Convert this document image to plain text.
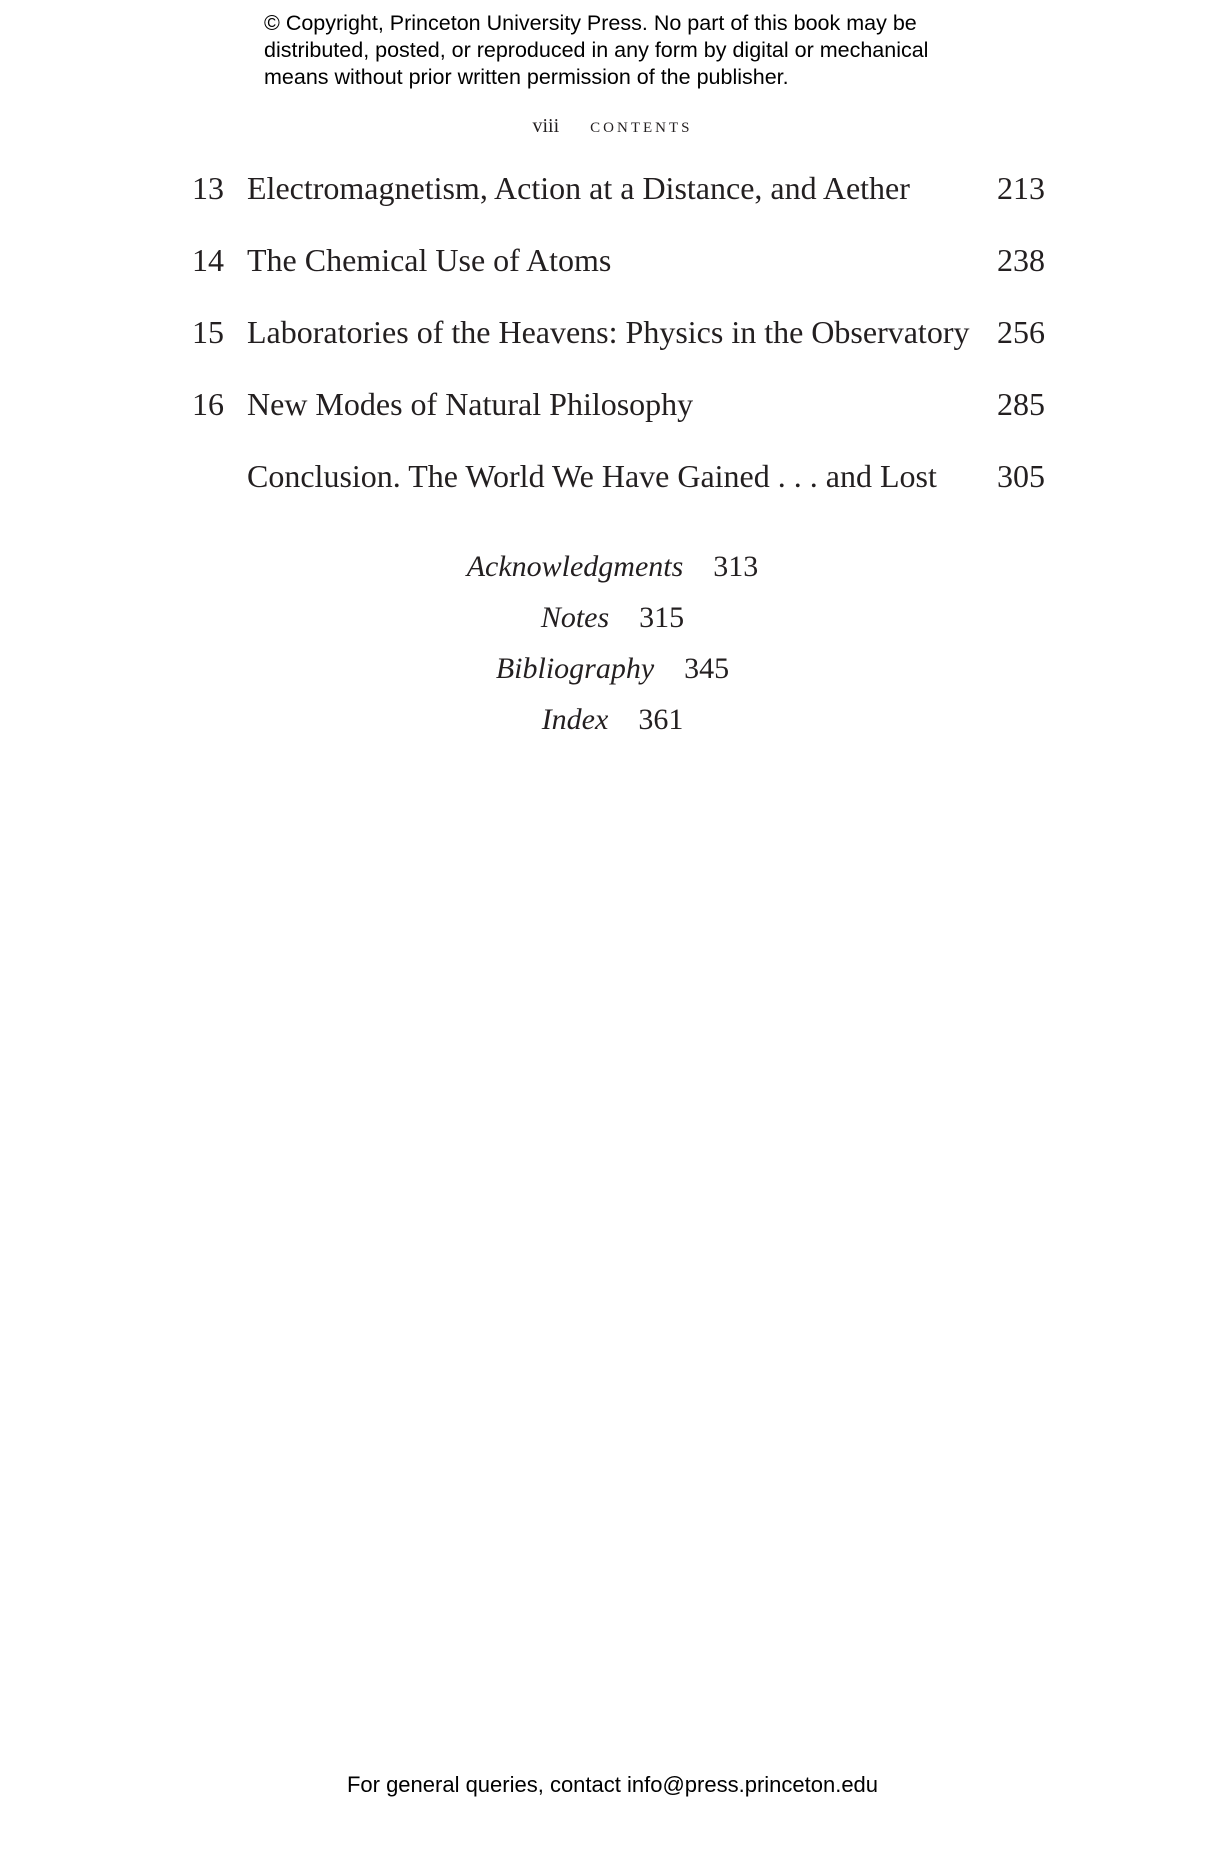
© Copyright, Princeton University Press. No part of this book may be
distributed, posted, or reproduced in any form by digital or mechanical
means without prior written permission of the publisher.
viii contents
13 Electromagnetism, Action at a Distance, and Aether	213
14 The Chemical Use of Atoms	238
15 Laboratories of the Heavens: Physics in the Observatory 256
16 New Modes of Natural Philosophy	285
Conclusion. The World We Have Gained . . . and Lost 305
Acknowledgments 313
Notes 315
Bibliography 345
Index 361
For general queries, contact info@press.princeton.edu
